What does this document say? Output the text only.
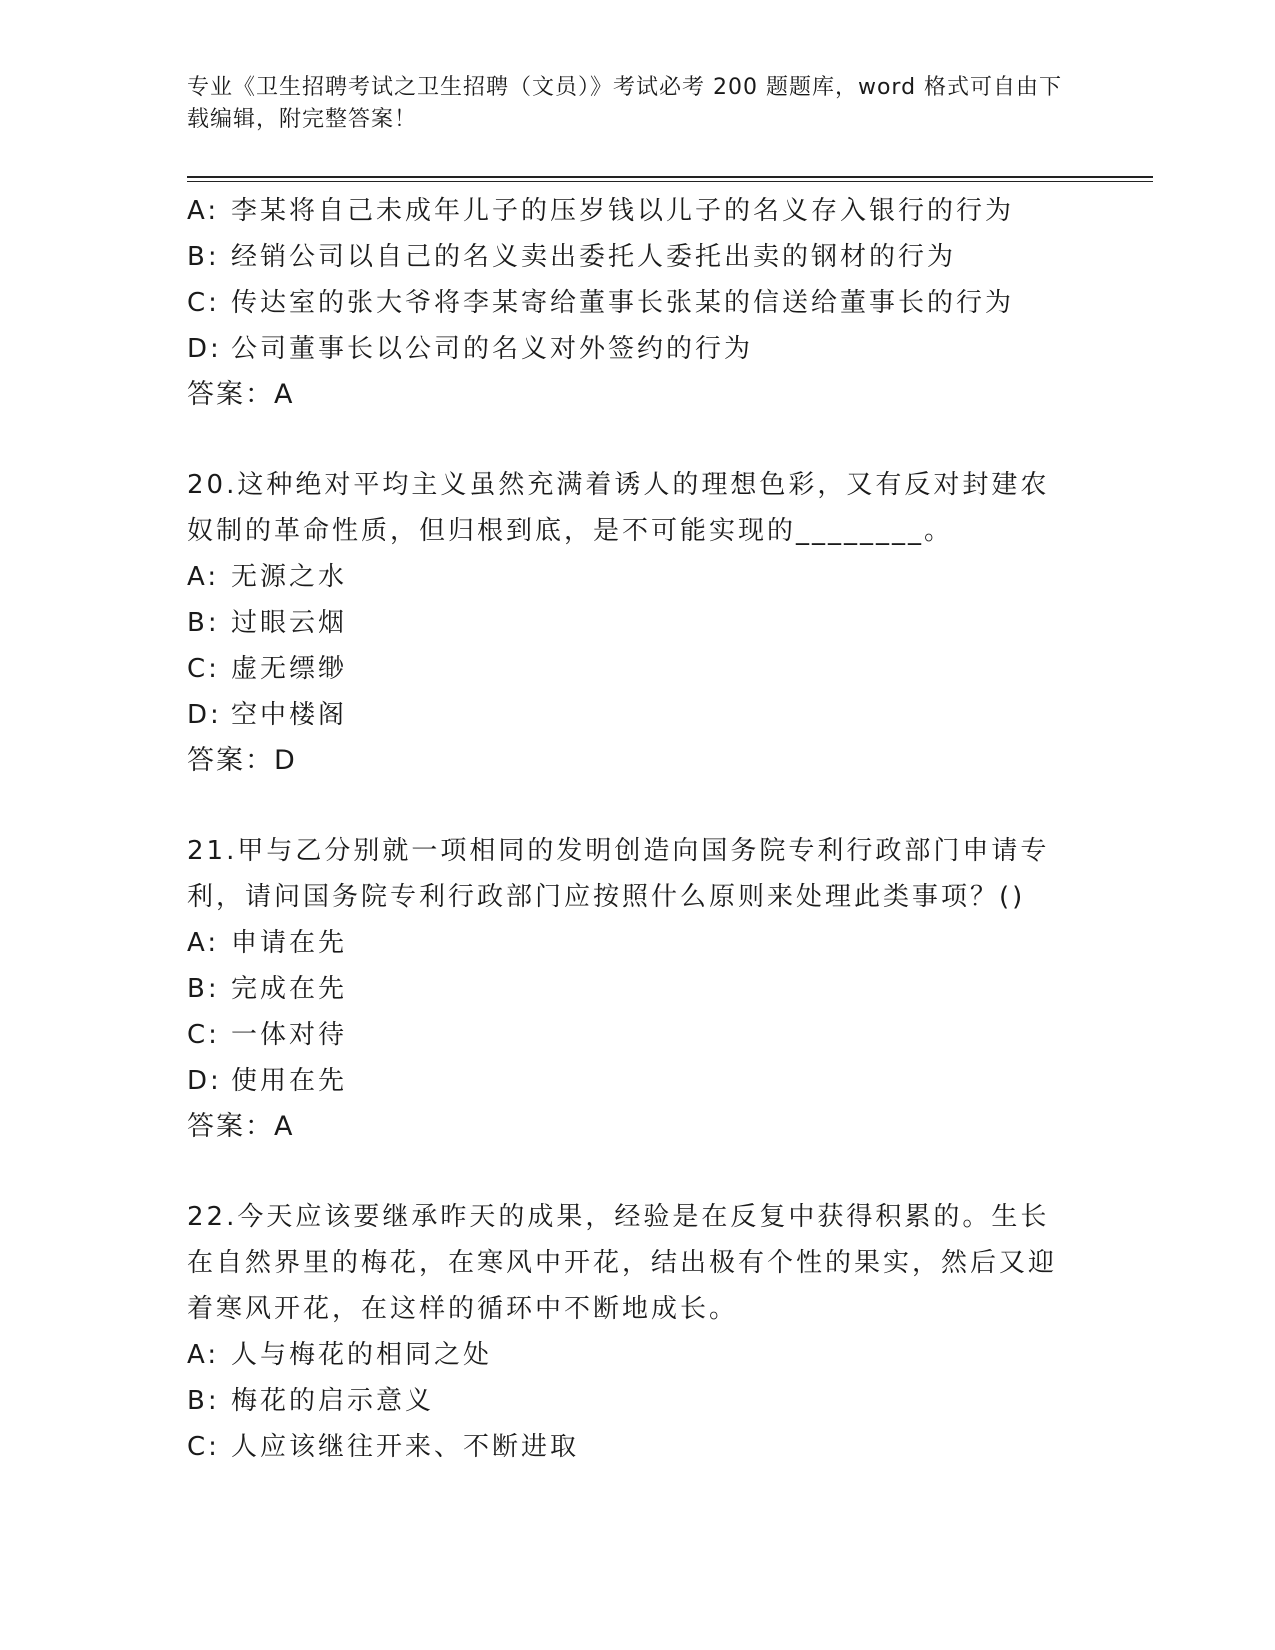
专业《卫生招聘考试之卫生招聘（文员）》考试必考 200 题题库，word 格式可自由下载编辑，附完整答案！
A: 李某将自己未成年儿子的压岁钱以儿子的名义存入银行的行为
B: 经销公司以自己的名义卖出委托人委托出卖的钢材的行为
C: 传达室的张大爷将李某寄给董事长张某的信送给董事长的行为
D: 公司董事长以公司的名义对外签约的行为
答案：A
20.这种绝对平均主义虽然充满着诱人的理想色彩，又有反对封建农奴制的革命性质，但归根到底，是不可能实现的________。
A: 无源之水
B: 过眼云烟
C: 虚无缥缈
D: 空中楼阁
答案：D
21.甲与乙分别就一项相同的发明创造向国务院专利行政部门申请专利，请问国务院专利行政部门应按照什么原则来处理此类事项？()
A: 申请在先
B: 完成在先
C: 一体对待
D: 使用在先
答案：A
22.今天应该要继承昨天的成果，经验是在反复中获得积累的。生长在自然界里的梅花，在寒风中开花，结出极有个性的果实，然后又迎着寒风开花，在这样的循环中不断地成长。
A: 人与梅花的相同之处
B: 梅花的启示意义
C: 人应该继往开来、不断进取
